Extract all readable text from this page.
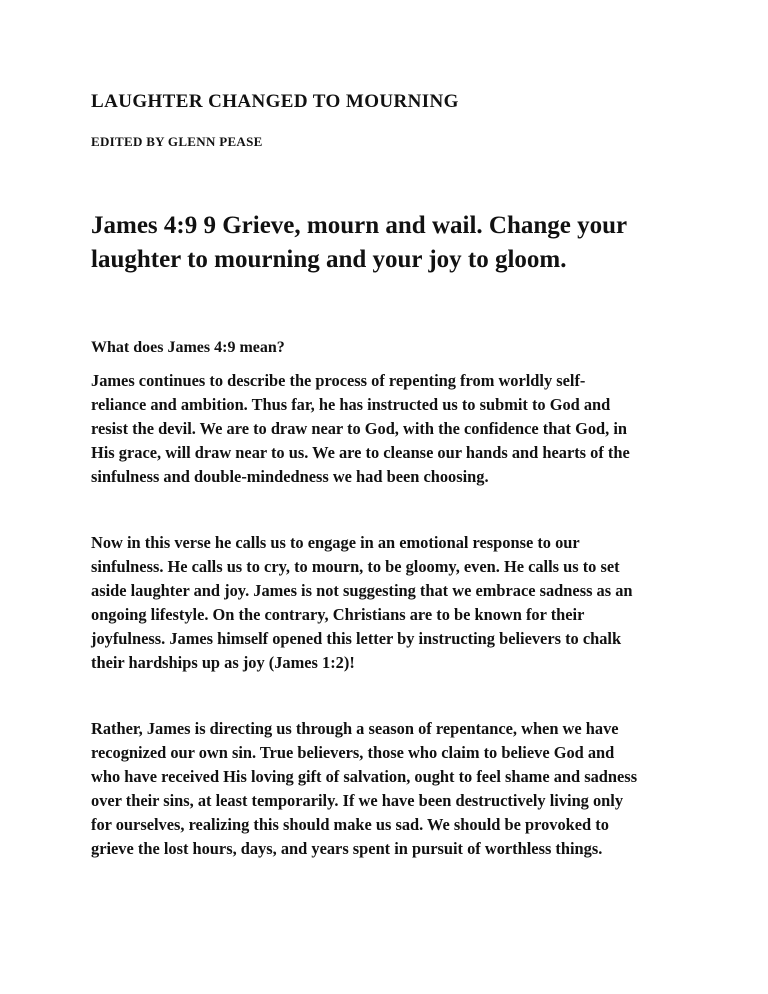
LAUGHTER CHANGED TO MOURNING

EDITED BY GLENN PEASE

James 4:9 9 Grieve, mourn and wail. Change your
laughter to mourning and your joy to gloom.

What does James 4:9 mean?

James continues to describe the process of repenting from worldly self-
reliance and ambition. Thus far, he has instructed us to submit to God and
resist the devil. We are to draw near to God, with the confidence that God, in
His grace, will draw near to us. We are to cleanse our hands and hearts of the
sinfulness and double-mindedness we had been choosing.

Now in this verse he calls us to engage in an emotional response to our
sinfulness. He calls us to cry, to mourn, to be gloomy, even. He calls us to set
aside laughter and joy. James is not suggesting that we embrace sadness as an
ongoing lifestyle. On the contrary, Christians are to be known for their
joyfulness. James himself opened this letter by instructing believers to chalk
their hardships up as joy (James 1:2)!

Rather, James is directing us through a season of repentance, when we have
recognized our own sin. True believers, those who claim to believe God and
who have received His loving gift of salvation, ought to feel shame and sadness
over their sins, at least temporarily. If we have been destructively living only
for ourselves, realizing this should make us sad. We should be provoked to
grieve the lost hours, days, and years spent in pursuit of worthless things.
